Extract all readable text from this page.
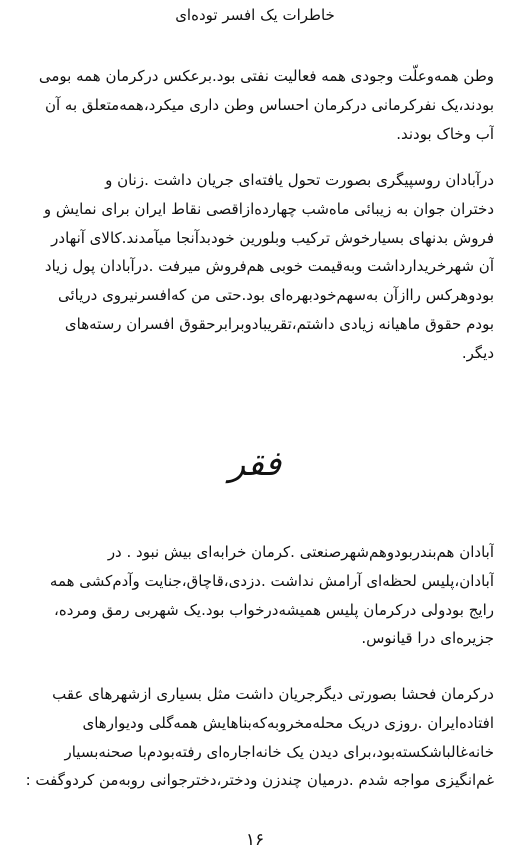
خاطرات یک افسر توده‌ای
وطن همه‌وعلّت وجودی همه فعالیت نفتی بود.برعکس درکرمان همه بومی
بودند،یک نفرکرمانی درکرمان احساس وطن داری میکرد،همه‌متعلق به آن
آب وخاک بودند.
درآبادان روسپیگری بصورت تحول یافته‌ای جریان داشت .زنان و
دختران جوان به زیبائی ماه‌شب چهارده‌ازاقصی نقاط ایران برای نمایش و
فروش بدنهای بسیارخوش ترکیب وبلورین خودبدآنجا میآمدند.کالای آنهادر
آن شهرخریدارداشت وبه‌قیمت خوبی هم‌فروش میرفت .درآبادان پول زیاد
بودوهرکس راازآن به‌سهم‌خودبهره‌ای بود.حتی من که‌افسرنیروی دریائی
بودم حقوق ماهیانه زیادی داشتم،تقریبادوبرابرحقوق افسران رسته‌های
دیگر.
فقر
آبادان هم‌بندربودوهم‌شهرصنعتی .کرمان خرابه‌ای بیش نبود . در
آبادان،پلیس لحظه‌ای آرامش نداشت .دزدی،قاچاق،جنایت وآدم‌کشی همه
رایج بودولی درکرمان پلیس همیشه‌درخواب بود.یک شهربی رمق ومرده،
جزیره‌ای درا قیانوس.
درکرمان فحشا بصورتی دیگرجریان داشت مثل بسیاری ازشهرهای عقب
افتاده‌ایران .روزی دریک محله‌مخروبه‌که‌بناهایش همه‌گلی ودیوارهای
خانه‌غالباشکسته‌بود،برای دیدن یک خانه‌اجاره‌ای رفته‌بودم‌با صحنه‌بسیار
غم‌انگیزی مواجه شدم .درمیان چندزن ودختر،دخترجوانی روبه‌من کردوگفت :
۱۶
